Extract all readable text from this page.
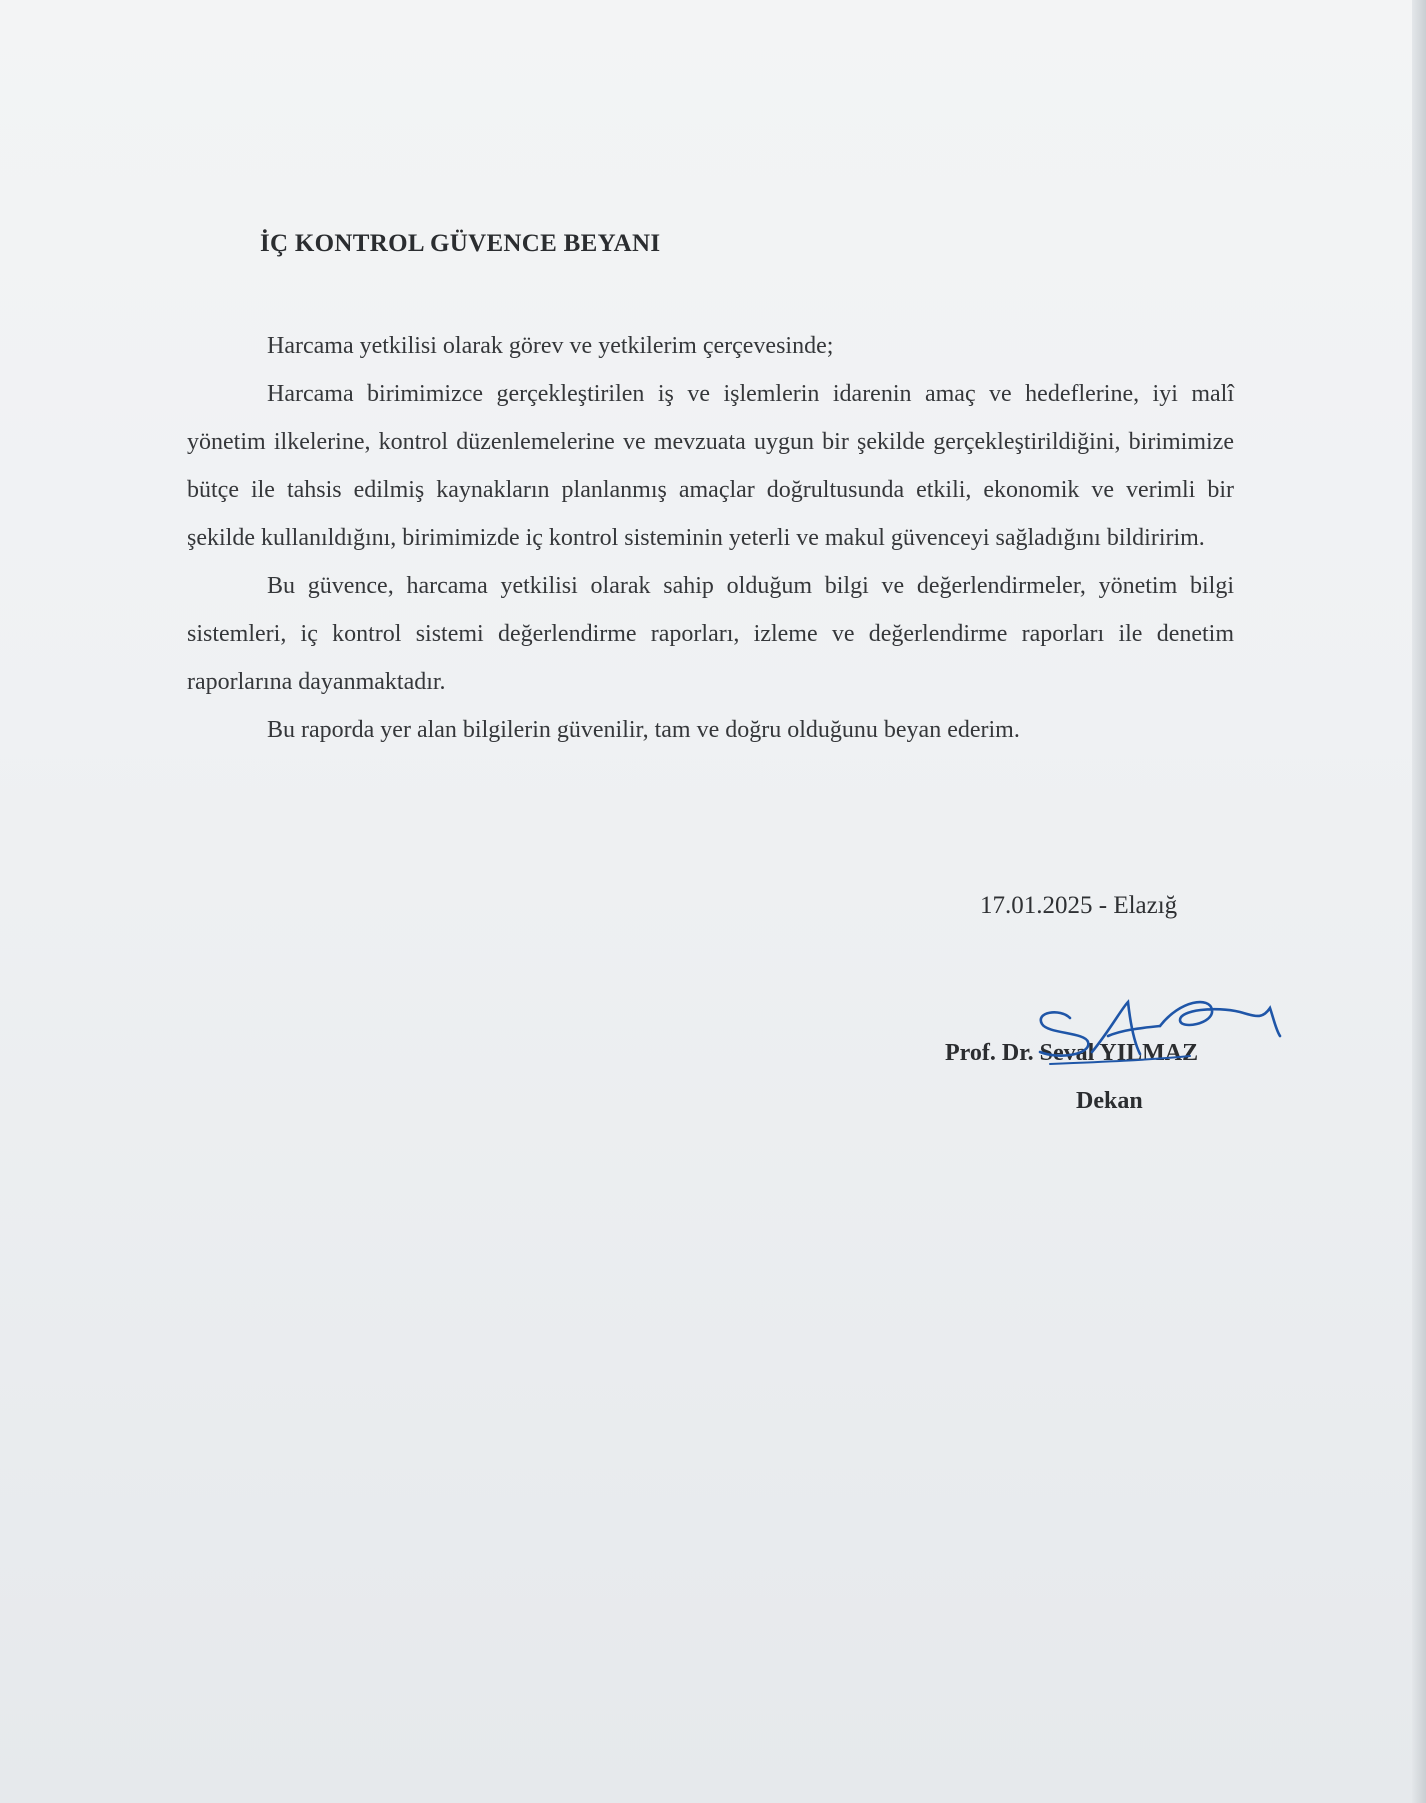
İÇ KONTROL GÜVENCE BEYANI

Harcama yetkilisi olarak görev ve yetkilerim çerçevesinde;

Harcama birimimizce gerçekleştirilen iş ve işlemlerin idarenin amaç ve hedeflerine, iyi malî yönetim ilkelerine, kontrol düzenlemelerine ve mevzuata uygun bir şekilde gerçekleştirildiğini, birimimize bütçe ile tahsis edilmiş kaynakların planlanmış amaçlar doğrultusunda etkili, ekonomik ve verimli bir şekilde kullanıldığını, birimimizde iç kontrol sisteminin yeterli ve makul güvenceyi sağladığını bildiririm.

Bu güvence, harcama yetkilisi olarak sahip olduğum bilgi ve değerlendirmeler, yönetim bilgi sistemleri, iç kontrol sistemi değerlendirme raporları, izleme ve değerlendirme raporları ile denetim raporlarına dayanmaktadır.

Bu raporda yer alan bilgilerin güvenilir, tam ve doğru olduğunu beyan ederim.

17.01.2025 - Elazığ
Prof. Dr. Seval YILMAZ
Dekan
